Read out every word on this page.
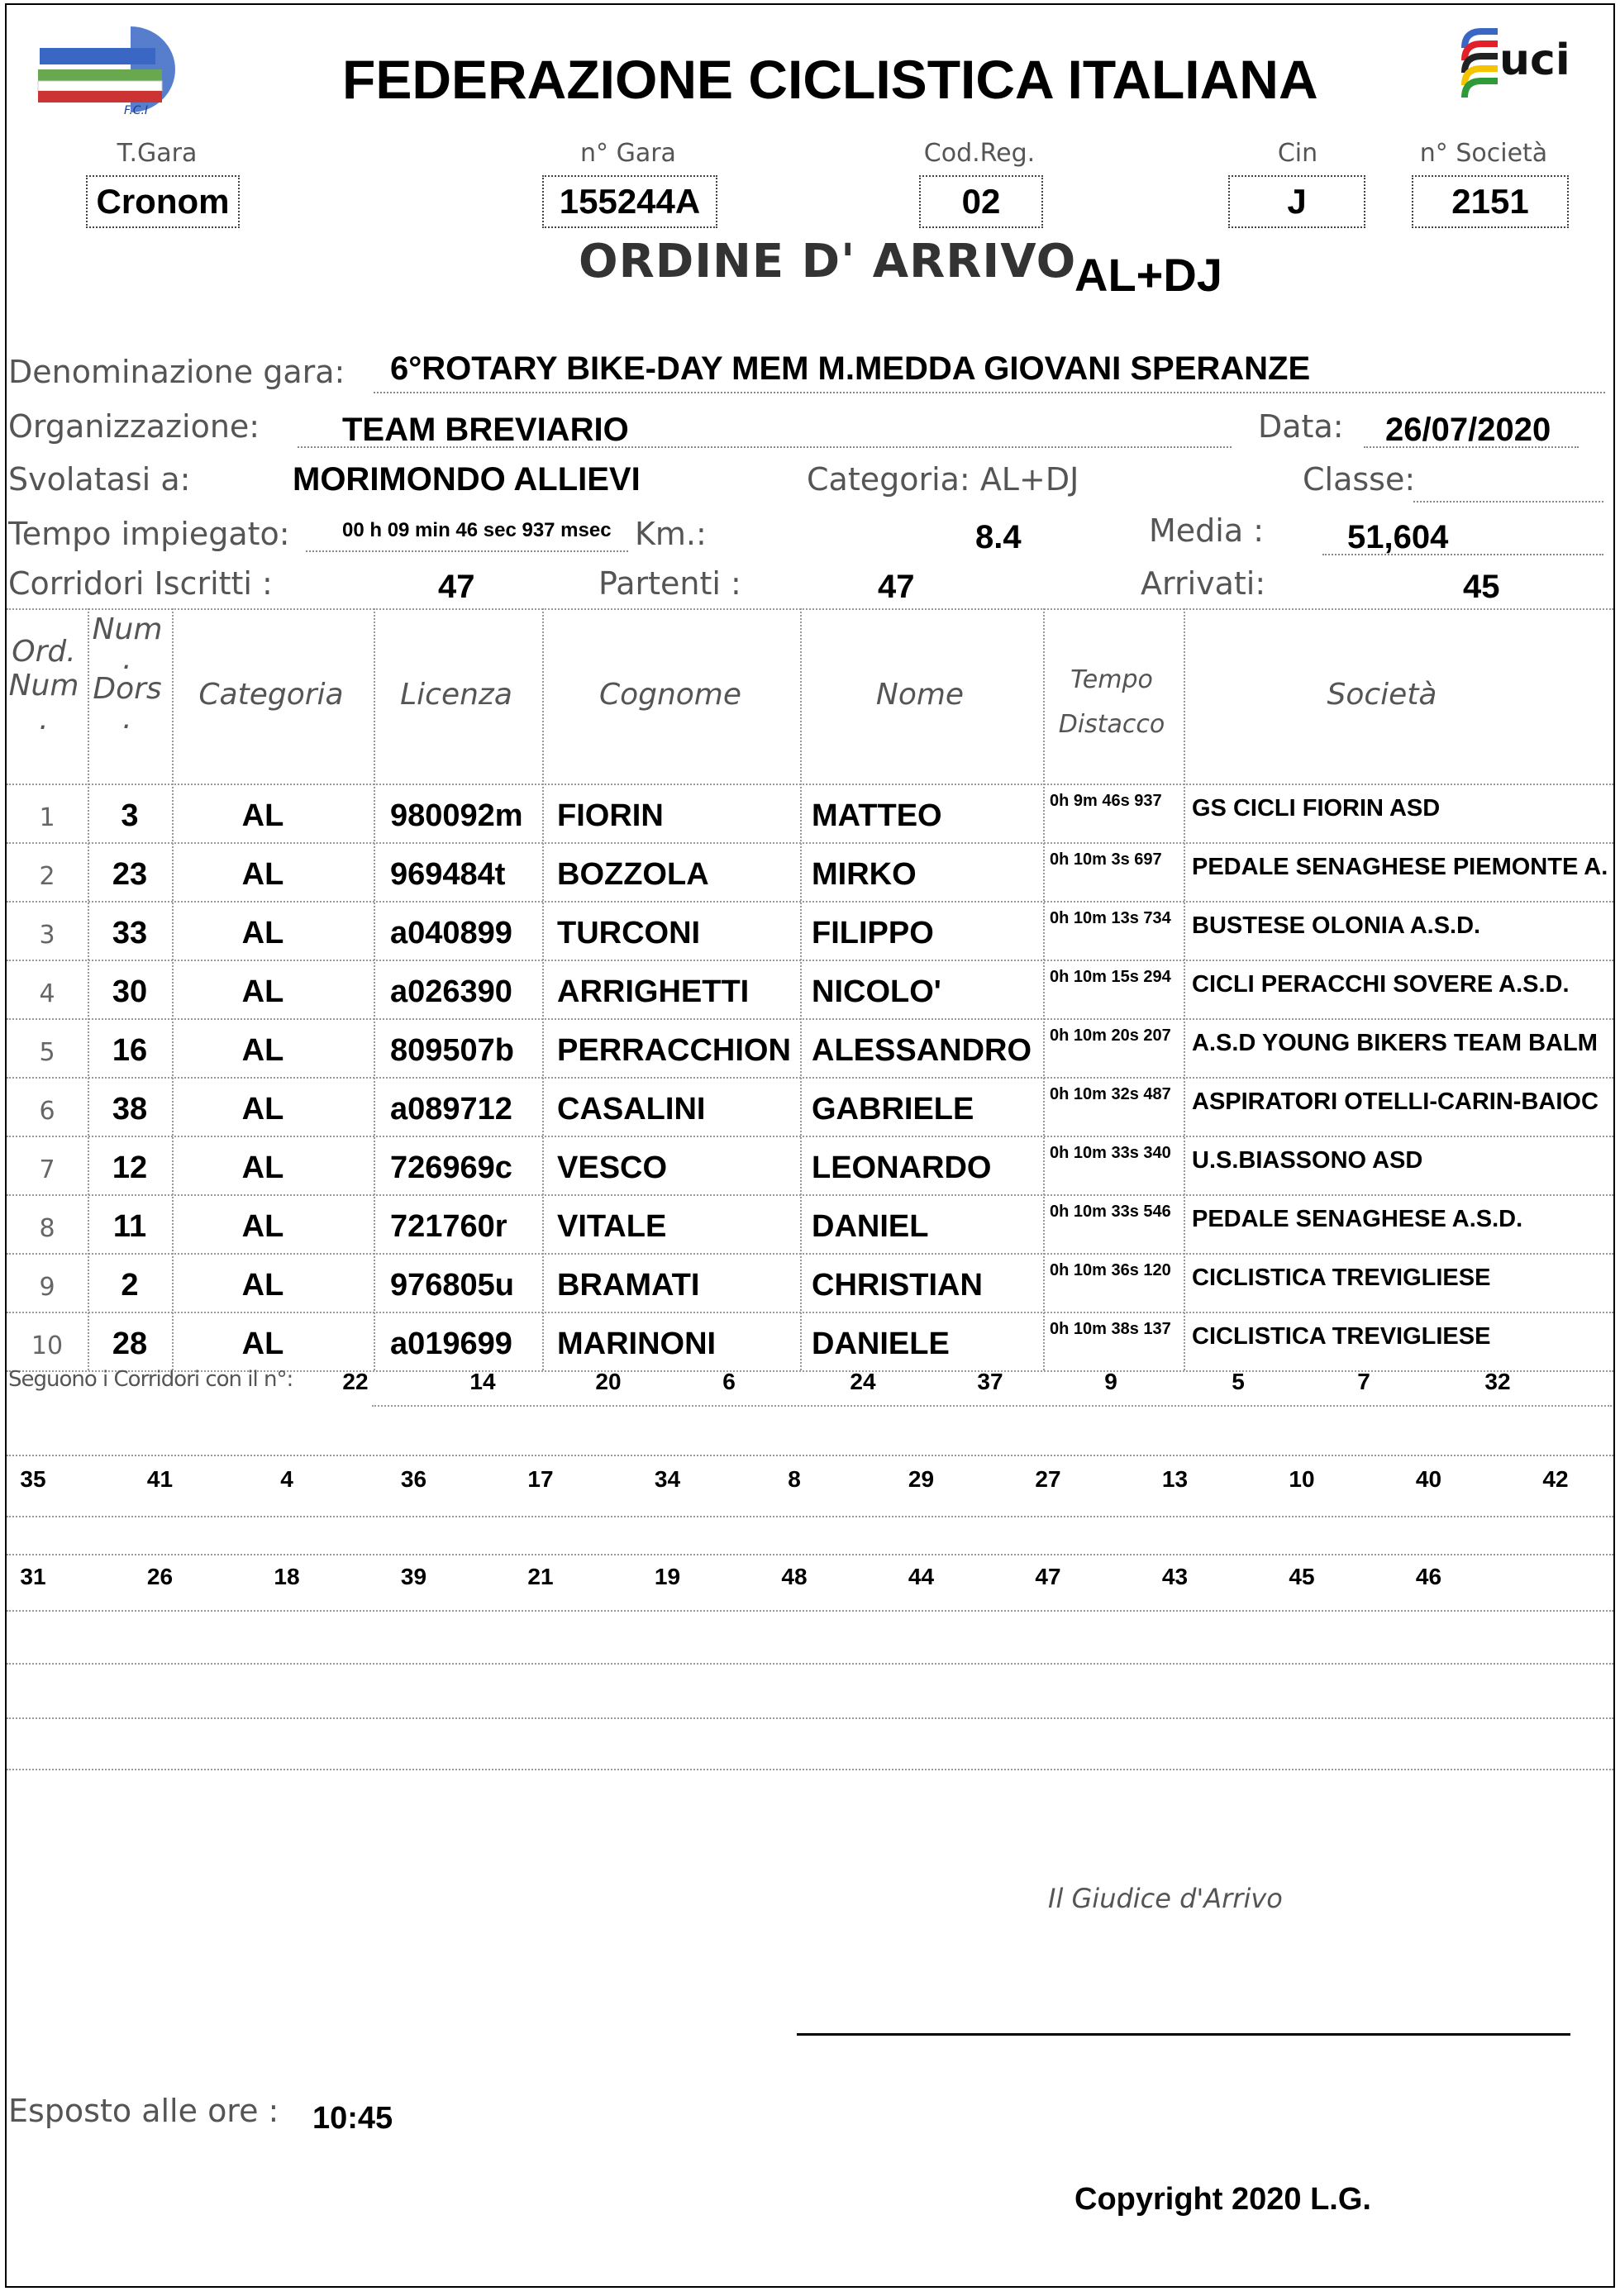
F.C.I
FEDERAZIONE CICLISTICA ITALIANA	uci
T.Gara
Cronom
n° Gara
155244A
Cod.Reg.
02
Cin
J
n° Società
2151
ORDINE D' ARRIVO
AL+DJ
Denominazione gara: 6°ROTARY BIKE-DAY MEM M.MEDDA GIOVANI SPERANZE
Organizzazione: TEAM BREVIARIO	Data: 26/07/2020
Svolatasi a:	MORIMONDO ALLIEVI	Categoria: AL+DJ	Classe:
Tempo impiegato:	00 h 09 min 46 sec 937 msec Km.:	8.4	Media :	51,604
Corridori Iscritti :	47	Partenti :	47	Arrivati:	45
Ord.
Num
.
Num
.
Dors
.
Categoria	Licenza	Cognome	Nome	Tempo
Distacco
Società
1	3	AL	980092m FIORIN	MATTEO	0h 9m 46s 937 GS CICLI FIORIN ASD
2	23	AL	969484t BOZZOLA	MIRKO	0h 10m 3s 697 PEDALE SENAGHESE PIEMONTE A.
3	33	AL	a040899 TURCONI	FILIPPO	0h 10m 13s 734 BUSTESE OLONIA A.S.D.
4	30	AL	a026390 ARRIGHETTI NICOLO'	0h 10m 15s 294 CICLI PERACCHI SOVERE A.S.D.
5	16	AL	809507b PERRACCHION ALESSANDRO 0h 10m 20s 207 A.S.D YOUNG BIKERS TEAM BALM
6	38	AL	a089712 CASALINI	GABRIELE	0h 10m 32s 487 ASPIRATORI OTELLI-CARIN-BAIOC
7	12	AL	726969c VESCO	LEONARDO	0h 10m 33s 340 U.S.BIASSONO ASD
8	11	AL	721760r VITALE	DANIEL	0h 10m 33s 546 PEDALE SENAGHESE A.S.D.
9	2	AL	976805u BRAMATI	CHRISTIAN	0h 10m 36s 120 CICLISTICA TREVIGLIESE
10	28	AL	a019699 MARINONI	DANIELE	0h 10m 38s 137 CICLISTICA TREVIGLIESE
Seguono i Corridori con il n°:	22	14	20	6	24	37	9	5	7	32
35	41	4	36	17	34	8	29	27	13	10	40	42
31	26	18	39	21	19	48	44	47	43	45	46
Il Giudice d'Arrivo
Esposto alle ore : 10:45
Copyright 2020 L.G.
